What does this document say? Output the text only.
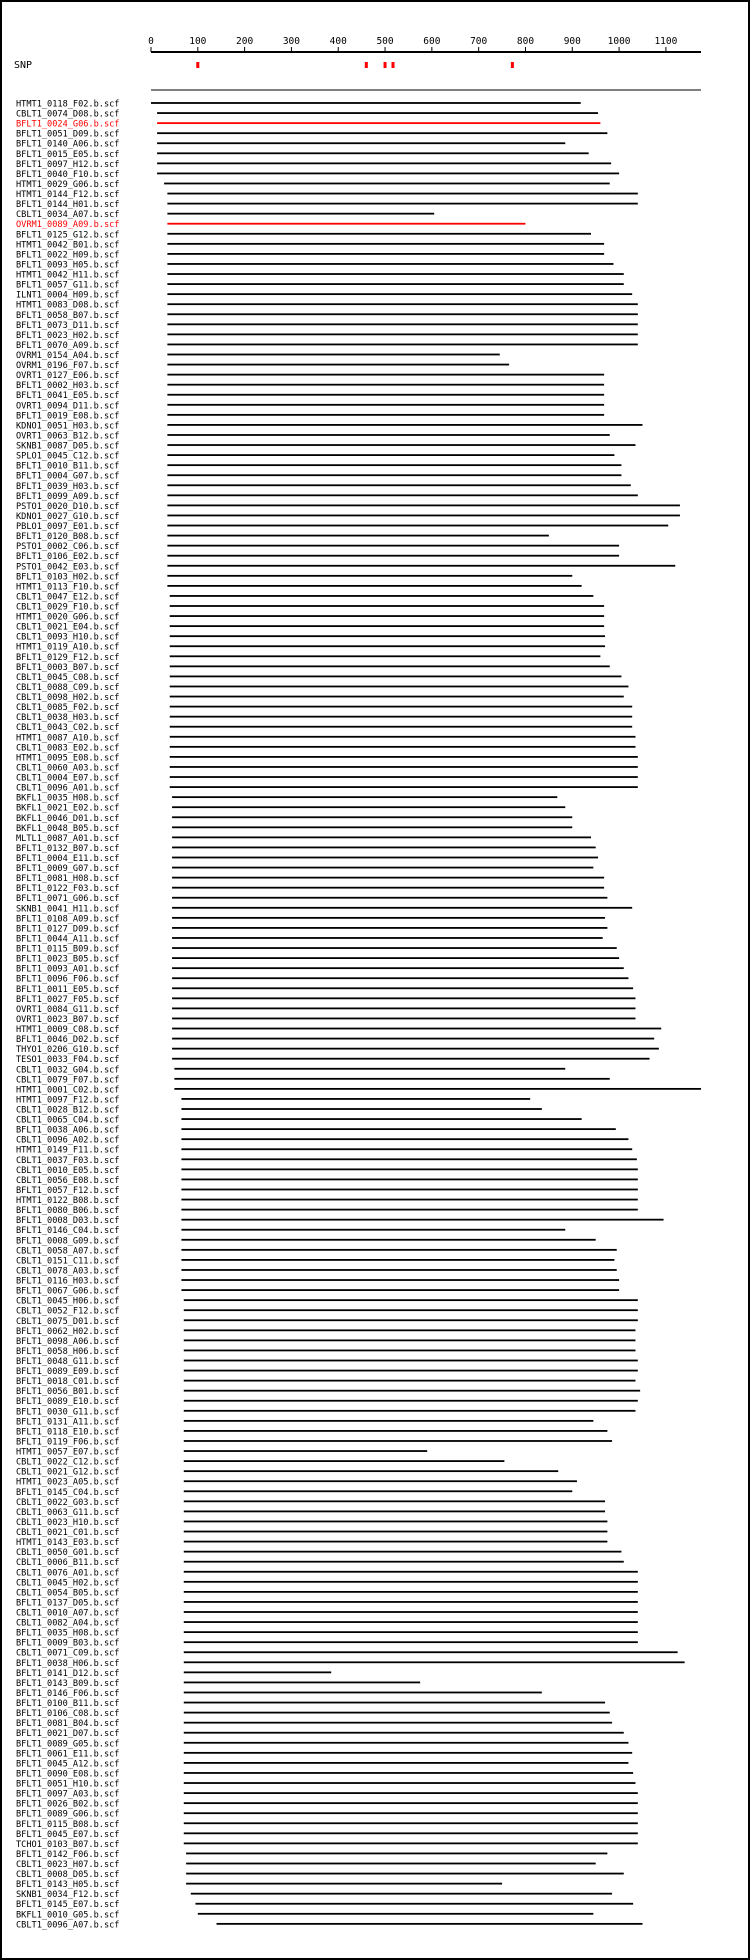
0	100	200	300	400	500	600	700	800	900	1000	1100
SNP
HTMT1_0118_F02.b.scf
CBLT1_0074_D08.b.scf
BFLT1_0024_G06.b.scf
BFLT1_0051_D09.b.scf
BFLT1_0140_A06.b.scf
BFLT1_0015_E05.b.scf
BFLT1_0097_H12.b.scf
BFLT1_0040_F10.b.scf
HTMT1_0029_G06.b.scf
HTMT1_0144_F12.b.scf
BFLT1_0144_H01.b.scf
CBLT1_0034_A07.b.scf
OVRM1_0089_A09.b.scf
BFLT1_0125_G12.b.scf
HTMT1_0042_B01.b.scf
BFLT1_0022_H09.b.scf
BFLT1_0093_H05.b.scf
HTMT1_0042_H11.b.scf
BFLT1_0057_G11.b.scf
ILNT1_0004_H09.b.scf
HTMT1_0083_D08.b.scf
BFLT1_0058_B07.b.scf
BFLT1_0073_D11.b.scf
BFLT1_0023_H02.b.scf
BFLT1_0070_A09.b.scf
OVRM1_0154_A04.b.scf
OVRM1_0196_F07.b.scf
OVRT1_0127_E06.b.scf
BFLT1_0002_H03.b.scf
BFLT1_0041_E05.b.scf
OVRT1_0094_D11.b.scf
BFLT1_0019_E08.b.scf
KDNO1_0051_H03.b.scf
OVRT1_0063_B12.b.scf
SKNB1_0087_D05.b.scf
SPLO1_0045_C12.b.scf
BFLT1_0010_B11.b.scf
BFLT1_0004_G07.b.scf
BFLT1_0039_H03.b.scf
BFLT1_0099_A09.b.scf
PSTO1_0020_D10.b.scf
KDNO1_0027_G10.b.scf
PBLO1_0097_E01.b.scf
BFLT1_0120_B08.b.scf
PSTO1_0002_C06.b.scf
BFLT1_0106_E02.b.scf
PSTO1_0042_E03.b.scf
BFLT1_0103_H02.b.scf
HTMT1_0113_F10.b.scf
CBLT1_0047_E12.b.scf
CBLT1_0029_F10.b.scf
HTMT1_0020_G06.b.scf
CBLT1_0021_E04.b.scf
CBLT1_0093_H10.b.scf
HTMT1_0119_A10.b.scf
BFLT1_0129_F12.b.scf
BFLT1_0003_B07.b.scf
CBLT1_0045_C08.b.scf
CBLT1_0088_C09.b.scf
CBLT1_0098_H02.b.scf
CBLT1_0085_F02.b.scf
CBLT1_0038_H03.b.scf
CBLT1_0043_C02.b.scf
HTMT1_0087_A10.b.scf
CBLT1_0083_E02.b.scf
HTMT1_0095_E08.b.scf
CBLT1_0060_A03.b.scf
CBLT1_0004_E07.b.scf
CBLT1_0096_A01.b.scf
BKFL1_0035_H08.b.scf
BKFL1_0021_E02.b.scf
BKFL1_0046_D01.b.scf
BKFL1_0048_B05.b.scf
MLTL1_0087_A01.b.scf
BFLT1_0132_B07.b.scf
BFLT1_0004_E11.b.scf
BFLT1_0009_G07.b.scf
BFLT1_0081_H08.b.scf
BFLT1_0122_F03.b.scf
BFLT1_0071_G06.b.scf
SKNB1_0041_H11.b.scf
BFLT1_0108_A09.b.scf
BFLT1_0127_D09.b.scf
BFLT1_0044_A11.b.scf
BFLT1_0115_B09.b.scf
BFLT1_0023_B05.b.scf
BFLT1_0093_A01.b.scf
BFLT1_0096_F06.b.scf
BFLT1_0011_E05.b.scf
BFLT1_0027_F05.b.scf
OVRT1_0084_G11.b.scf
OVRT1_0023_B07.b.scf
HTMT1_0009_C08.b.scf
BFLT1_0046_D02.b.scf
THYO1_0206_G10.b.scf
TESO1_0033_F04.b.scf
CBLT1_0032_G04.b.scf
CBLT1_0079_F07.b.scf
HTMT1_0001_C02.b.scf
HTMT1_0097_F12.b.scf
CBLT1_0028_B12.b.scf
CBLT1_0065_C04.b.scf
BFLT1_0038_A06.b.scf
CBLT1_0096_A02.b.scf
HTMT1_0149_F11.b.scf
CBLT1_0037_F03.b.scf
CBLT1_0010_E05.b.scf
CBLT1_0056_E08.b.scf
BFLT1_0057_F12.b.scf
HTMT1_0122_B08.b.scf
BFLT1_0080_B06.b.scf
BFLT1_0008_D03.b.scf
BFLT1_0146_C04.b.scf
BFLT1_0008_G09.b.scf
CBLT1_0058_A07.b.scf
CBLT1_0151_C11.b.scf
CBLT1_0078_A03.b.scf
BFLT1_0116_H03.b.scf
BFLT1_0067_G06.b.scf
CBLT1_0045_H06.b.scf
CBLT1_0052_F12.b.scf
CBLT1_0075_D01.b.scf
BFLT1_0062_H02.b.scf
BFLT1_0098_A06.b.scf
BFLT1_0058_H06.b.scf
BFLT1_0048_G11.b.scf
BFLT1_0089_E09.b.scf
BFLT1_0018_C01.b.scf
BFLT1_0056_B01.b.scf
BFLT1_0089_E10.b.scf
BFLT1_0030_G11.b.scf
BFLT1_0131_A11.b.scf
BFLT1_0118_E10.b.scf
BFLT1_0119_F06.b.scf
HTMT1_0057_E07.b.scf
CBLT1_0022_C12.b.scf
CBLT1_0021_G12.b.scf
HTMT1_0023_A05.b.scf
BFLT1_0145_C04.b.scf
CBLT1_0022_G03.b.scf
CBLT1_0063_G11.b.scf
CBLT1_0023_H10.b.scf
CBLT1_0021_C01.b.scf
HTMT1_0143_E03.b.scf
CBLT1_0050_G01.b.scf
CBLT1_0006_B11.b.scf
CBLT1_0076_A01.b.scf
CBLT1_0045_H02.b.scf
CBLT1_0054_B05.b.scf
BFLT1_0137_D05.b.scf
CBLT1_0010_A07.b.scf
CBLT1_0082_A04.b.scf
BFLT1_0035_H08.b.scf
BFLT1_0009_B03.b.scf
CBLT1_0071_C09.b.scf
BFLT1_0038_H06.b.scf
BFLT1_0141_D12.b.scf
BFLT1_0143_B09.b.scf
BFLT1_0146_F06.b.scf
BFLT1_0100_B11.b.scf
BFLT1_0106_C08.b.scf
BFLT1_0081_B04.b.scf
BFLT1_0021_D07.b.scf
BFLT1_0089_G05.b.scf
BFLT1_0061_E11.b.scf
BFLT1_0045_A12.b.scf
BFLT1_0090_E08.b.scf
BFLT1_0051_H10.b.scf
BFLT1_0097_A03.b.scf
BFLT1_0026_B02.b.scf
BFLT1_0089_G06.b.scf
BFLT1_0115_B08.b.scf
BFLT1_0045_E07.b.scf
TCHO1_0103_B07.b.scf
BFLT1_0142_F06.b.scf
CBLT1_0023_H07.b.scf
CBLT1_0008_D05.b.scf
BFLT1_0143_H05.b.scf
SKNB1_0034_F12.b.scf
BFLT1_0145_E07.b.scf
BKFL1_0010_G05.b.scf
CBLT1_0096_A07.b.scf
